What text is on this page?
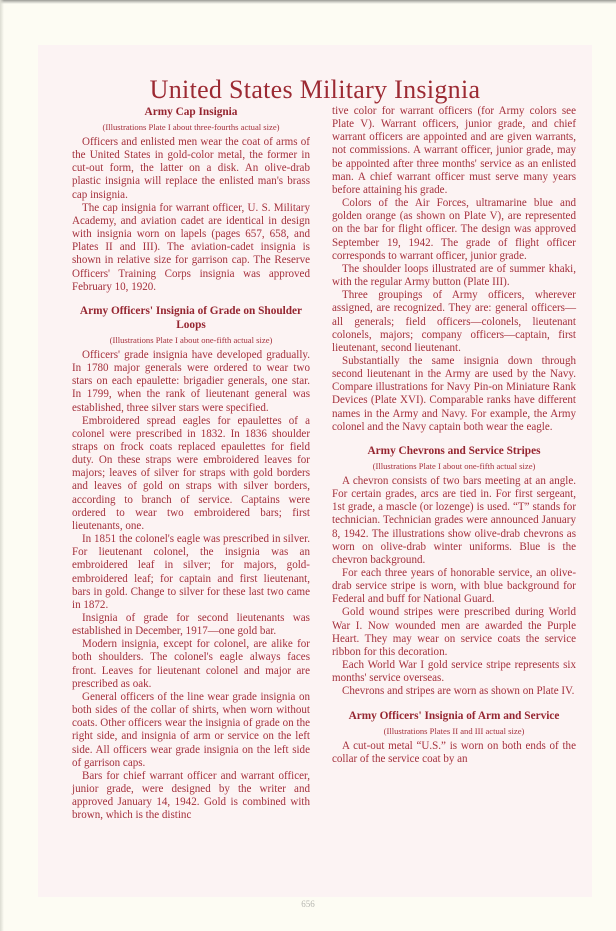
United States Military Insignia
Army Cap Insignia
(Illustrations Plate I about three-fourths actual size)

Officers and enlisted men wear the coat of arms of the United States in gold-color metal, the former in cut-out form, the latter on a disk. An olive-drab plastic insignia will replace the enlisted man's brass cap insignia.

The cap insignia for warrant officer, U. S. Military Academy, and aviation cadet are identical in design with insignia worn on lapels (pages 657, 658, and Plates II and III). The aviation-cadet insignia is shown in relative size for garrison cap. The Reserve Officers' Training Corps insignia was approved February 10, 1920.

Army Officers' Insignia of Grade on Shoulder Loops
(Illustrations Plate I about one-fifth actual size)

Officers' grade insignia have developed gradually. In 1780 major generals were ordered to wear two stars on each epaulette: brigadier generals, one star. In 1799, when the rank of lieutenant general was established, three silver stars were specified.

Embroidered spread eagles for epaulettes of a colonel were prescribed in 1832. In 1836 shoulder straps on frock coats replaced epaulettes for field duty. On these straps were embroidered leaves for majors; leaves of silver for straps with gold borders and leaves of gold on straps with silver borders, according to branch of service. Captains were ordered to wear two embroidered bars; first lieutenants, one.

In 1851 the colonel's eagle was prescribed in silver. For lieutenant colonel, the insignia was an embroidered leaf in silver; for majors, gold-embroidered leaf; for captain and first lieutenant, bars in gold. Change to silver for these last two came in 1872.

Insignia of grade for second lieutenants was established in December, 1917—one gold bar.

Modern insignia, except for colonel, are alike for both shoulders. The colonel's eagle always faces front. Leaves for lieutenant colonel and major are prescribed as oak.

General officers of the line wear grade insignia on both sides of the collar of shirts, when worn without coats. Other officers wear the insignia of grade on the right side, and insignia of arm or service on the left side. All officers wear grade insignia on the left side of garrison caps.

Bars for chief warrant officer and warrant officer, junior grade, were designed by the writer and approved January 14, 1942. Gold is combined with brown, which is the distinc

tive color for warrant officers (for Army colors see Plate V). Warrant officers, junior grade, and chief warrant officers are appointed and are given warrants, not commissions. A warrant officer, junior grade, may be appointed after three months' service as an enlisted man. A chief warrant officer must serve many years before attaining his grade.

Colors of the Air Forces, ultramarine blue and golden orange (as shown on Plate V), are represented on the bar for flight officer. The design was approved September 19, 1942. The grade of flight officer corresponds to warrant officer, junior grade.

The shoulder loops illustrated are of summer khaki, with the regular Army button (Plate III).

Three groupings of Army officers, wherever assigned, are recognized. They are: general officers—all generals; field officers—colonels, lieutenant colonels, majors; company officers—captain, first lieutenant, second lieutenant.

Substantially the same insignia down through second lieutenant in the Army are used by the Navy. Compare illustrations for Navy Pin-on Miniature Rank Devices (Plate XVI). Comparable ranks have different names in the Army and Navy. For example, the Army colonel and the Navy captain both wear the eagle.

Army Chevrons and Service Stripes
(Illustrations Plate I about one-fifth actual size)

A chevron consists of two bars meeting at an angle. For certain grades, arcs are tied in. For first sergeant, 1st grade, a mascle (or lozenge) is used. “T” stands for technician. Technician grades were announced January 8, 1942. The illustrations show olive-drab chevrons as worn on olive-drab winter uniforms. Blue is the chevron background.

For each three years of honorable service, an olive-drab service stripe is worn, with blue background for Federal and buff for National Guard.

Gold wound stripes were prescribed during World War I. Now wounded men are awarded the Purple Heart. They may wear on service coats the service ribbon for this decoration.

Each World War I gold service stripe represents six months' service overseas.

Chevrons and stripes are worn as shown on Plate IV.

Army Officers' Insignia of Arm and Service
(Illustrations Plates II and III actual size)

A cut-out metal “U.S.” is worn on both ends of the collar of the service coat by an

656
